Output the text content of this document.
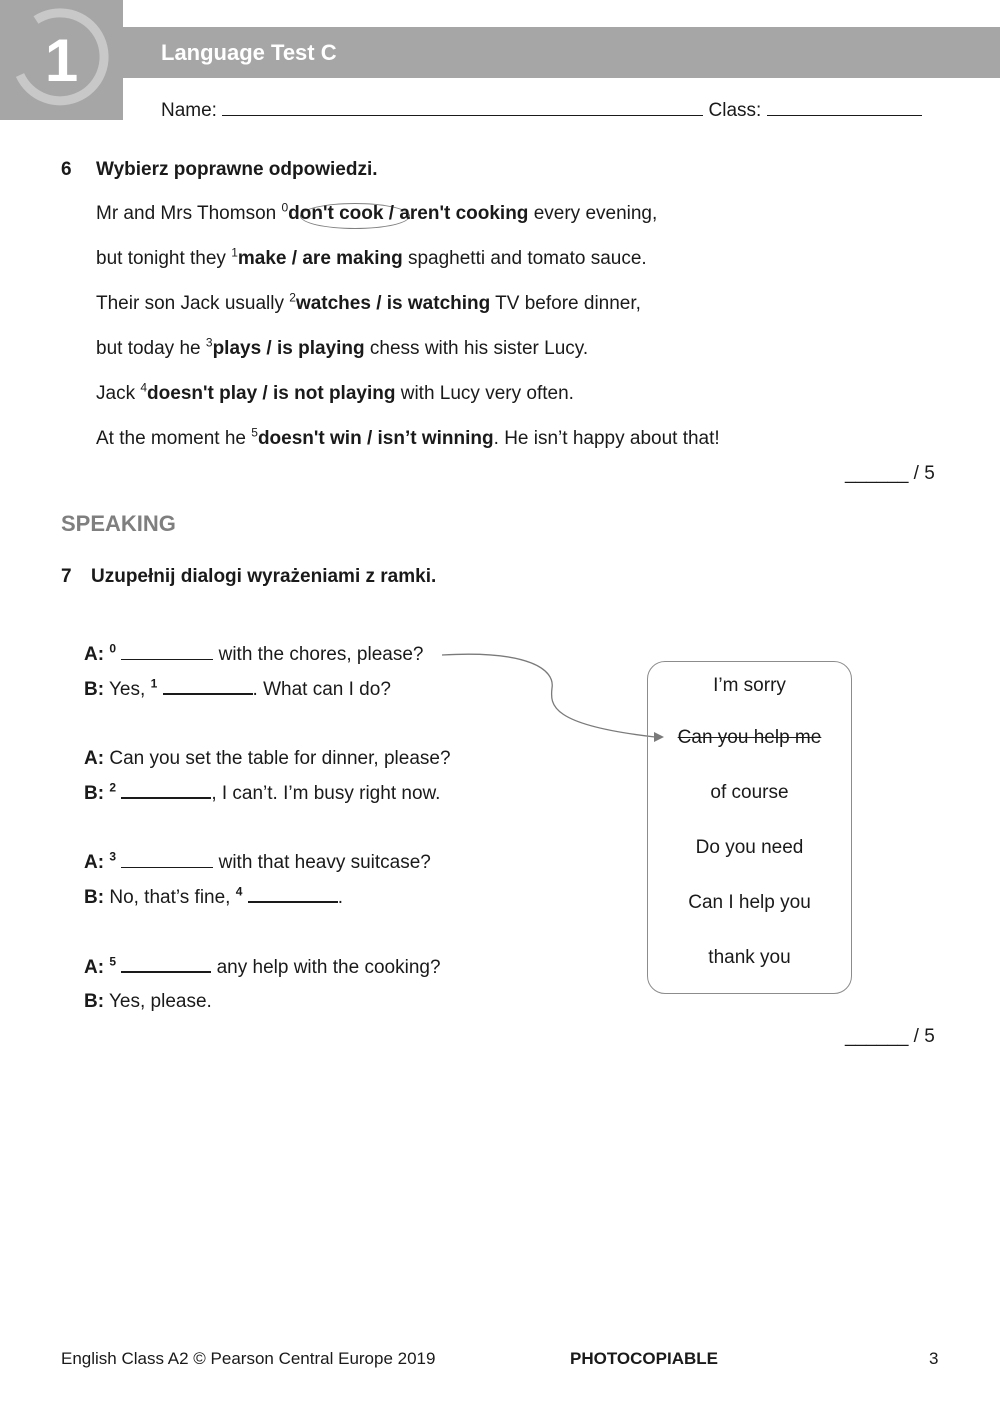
1	Language Test C
Name:	Class:
6 Wybierz poprawne odpowiedzi.
Mr and Mrs Thomson $^0$don't cook / aren't cooking every evening,
but tonight they $^1$make / are making spaghetti and tomato sauce.
Their son Jack usually $^2$watches / is watching TV before dinner,
but today he $^3$plays / is playing chess with his sister Lucy.
Jack $^4$doesn't play / is not playing with Lucy very often.
At the moment he $^5$doesn't win / isn’t winning. He isn’t happy about that!
______ / 5
SPEAKING
7 Uzupełnij dialogi wyrażeniami z ramki.
A: $^0$	with the chores, please?
B: Yes, $^1$	. What can I do?
A: Can you set the table for dinner, please?
B: $^2$	, I can’t. I’m busy right now.
A: $^3$	with that heavy suitcase?
B: No, that’s fine, $^4$	.
A: $^5$	any help with the cooking?
B: Yes, please.
I’m sorry
Can you help me
of course
Do you need
Can I help you
thank you
______ / 5
English Class A2 © Pearson Central Europe 2019	PHOTOCOPIABLE	3
